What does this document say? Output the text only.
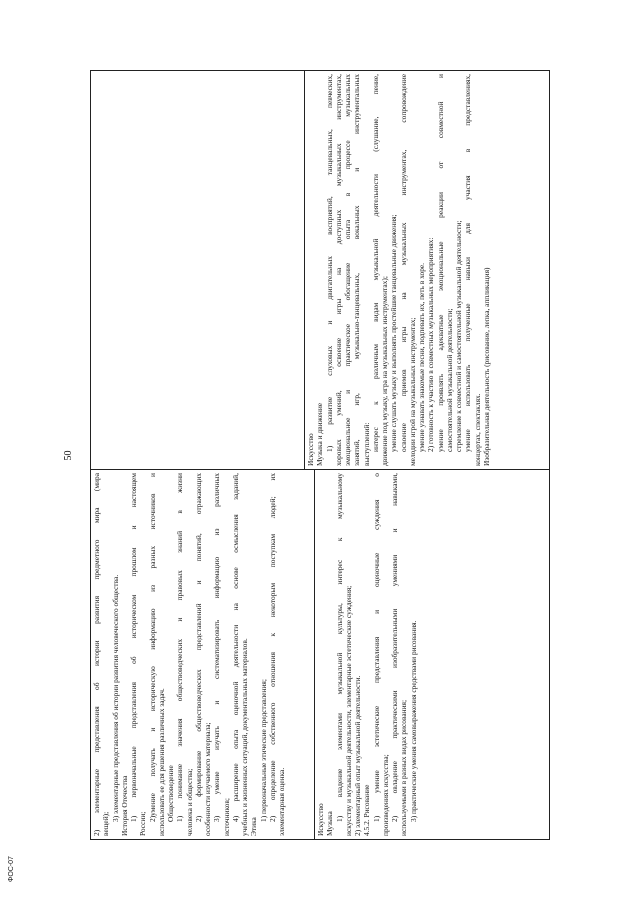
50
2) элементарные представления об истории развития предметного мира (мира вещей);
3) элементарные представления об истории развития человеческого общества. История Отечества 1) первоначальные представления об историческом прошлом и настоящем
России;
2)умение получать и историческую информацию из разных источников и использовать ее для решения различных задач. Обществоведение 1) понимание значения обществоведческих и правовых знаний в жизни человека и общества; 2) формирование обществоведческих представлений и понятий, отражающих особенности изучаемого материала; 3) умение изучать и систематизировать информацию из различных источников; 4) расширение опыта оценочной деятельности на основе осмысления заданий, учебных и жизненных ситуаций, документальных материалов. Этика
1) первоначальные этические представления; 2) определение собственного отношения к некоторым поступкам людей; их элементарная оценка.	Искусство Музыка
1) владение элементами музыкальной культуры, интерес к музыкальному искусству и музыкальной деятельности, элементарные эстетические суждения; 2) элементарный опыт музыкальной деятельности. 4.5.2. Рисование 1) умение эстетические представления и оценочные суждения о произведениях искусства; 2) овладение практическими изобразительными умениями и навыками, используемыми в разных видах рисования; 3) практические умения самовыражения средствами рисования.
Искусство Музыка и движение 1) развитие слуховых и двигательных восприятий, танцевальных, певческих, хоровых умений, освоение игры на доступных музыкальных инструментах, эмоциональное и практическое обогащение опыта в процессе музыкальных занятий, игр, музыкально-танцевальных, вокальных и инструментальных выступлений: интерес к различным видам музыкальной деятельности (слушание, пение, движение под музыку, игра на музыкальных инструментах); умение слушать музыку и выполнять простейшие танцевальные движения; освоение приемов игры на музыкальных инструментах, сопровождение мелодии игрой на музыкальных инструментах; умение узнавать знакомые песни, подпевать их, петь в хоре. 2) готовность к участию в совместных музыкальных мероприятиях: умение проявлять адекватные эмоциональные реакции от совместной и самостоятельной музыкальной деятельности; стремление к совместной и самостоятельной музыкальной деятельности; умение использовать полученные навыки для участия в представлениях, концертах, спектаклях. Изобразительная деятельность (рисование, лепка, аппликация)
ФОС-07
